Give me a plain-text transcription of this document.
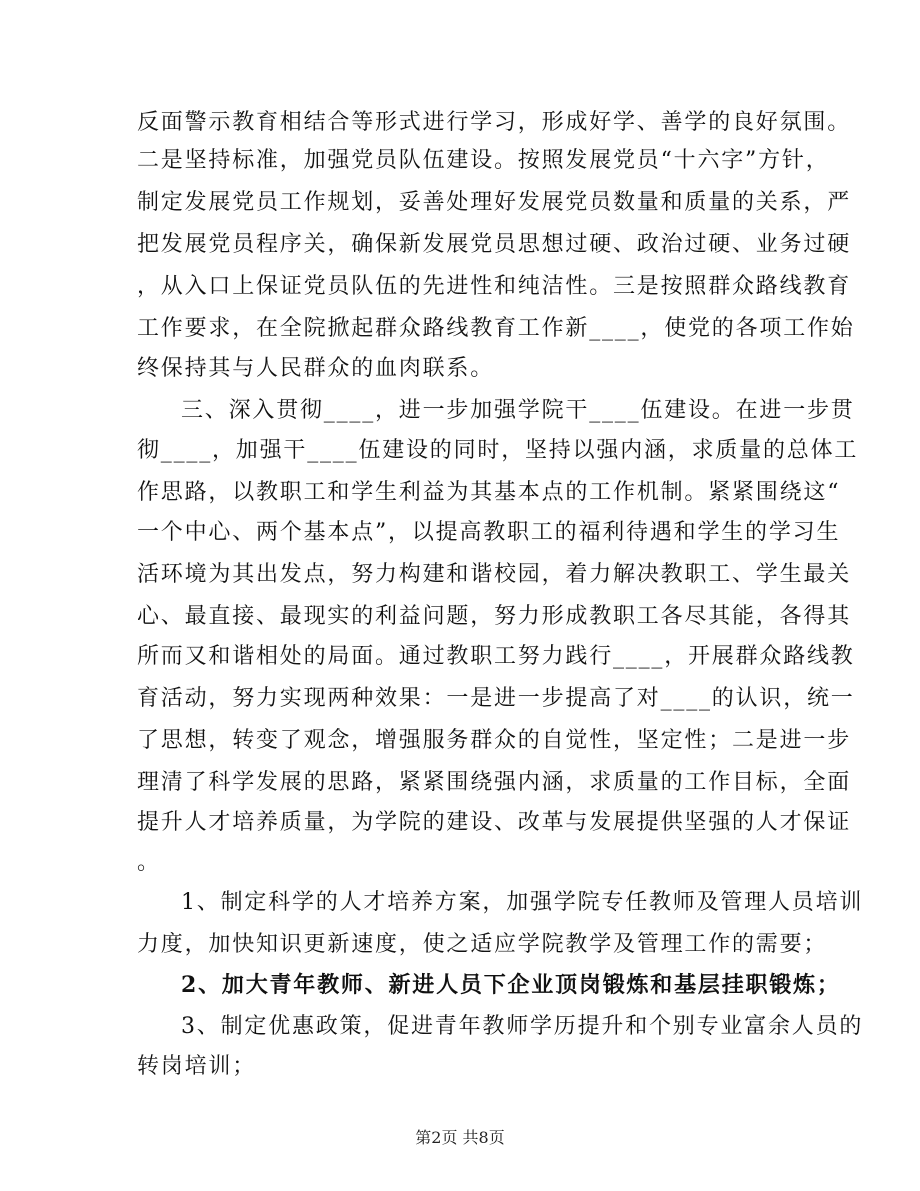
反面警示教育相结合等形式进行学习，形成好学、善学的良好氛围。
二是坚持标准，加强党员队伍建设。按照发展党员“十六字”方针，
制定发展党员工作规划，妥善处理好发展党员数量和质量的关系，严
把发展党员程序关，确保新发展党员思想过硬、政治过硬、业务过硬
，从入口上保证党员队伍的先进性和纯洁性。三是按照群众路线教育
工作要求，在全院掀起群众路线教育工作新____，使党的各项工作始
终保持其与人民群众的血肉联系。
三、深入贯彻____，进一步加强学院干____伍建设。在进一步贯
彻____，加强干____伍建设的同时，坚持以强内涵，求质量的总体工
作思路，以教职工和学生利益为其基本点的工作机制。紧紧围绕这“
一个中心、两个基本点”，以提高教职工的福利待遇和学生的学习生
活环境为其出发点，努力构建和谐校园，着力解决教职工、学生最关
心、最直接、最现实的利益问题，努力形成教职工各尽其能，各得其
所而又和谐相处的局面。通过教职工努力践行____，开展群众路线教
育活动，努力实现两种效果：一是进一步提高了对____的认识，统一
了思想，转变了观念，增强服务群众的自觉性，坚定性；二是进一步
理清了科学发展的思路，紧紧围绕强内涵，求质量的工作目标，全面
提升人才培养质量，为学院的建设、改革与发展提供坚强的人才保证
。
1、制定科学的人才培养方案，加强学院专任教师及管理人员培训
力度，加快知识更新速度，使之适应学院教学及管理工作的需要；
2、加大青年教师、新进人员下企业顶岗锻炼和基层挂职锻炼；
3、制定优惠政策，促进青年教师学历提升和个别专业富余人员的
转岗培训；
第2页 共8页
